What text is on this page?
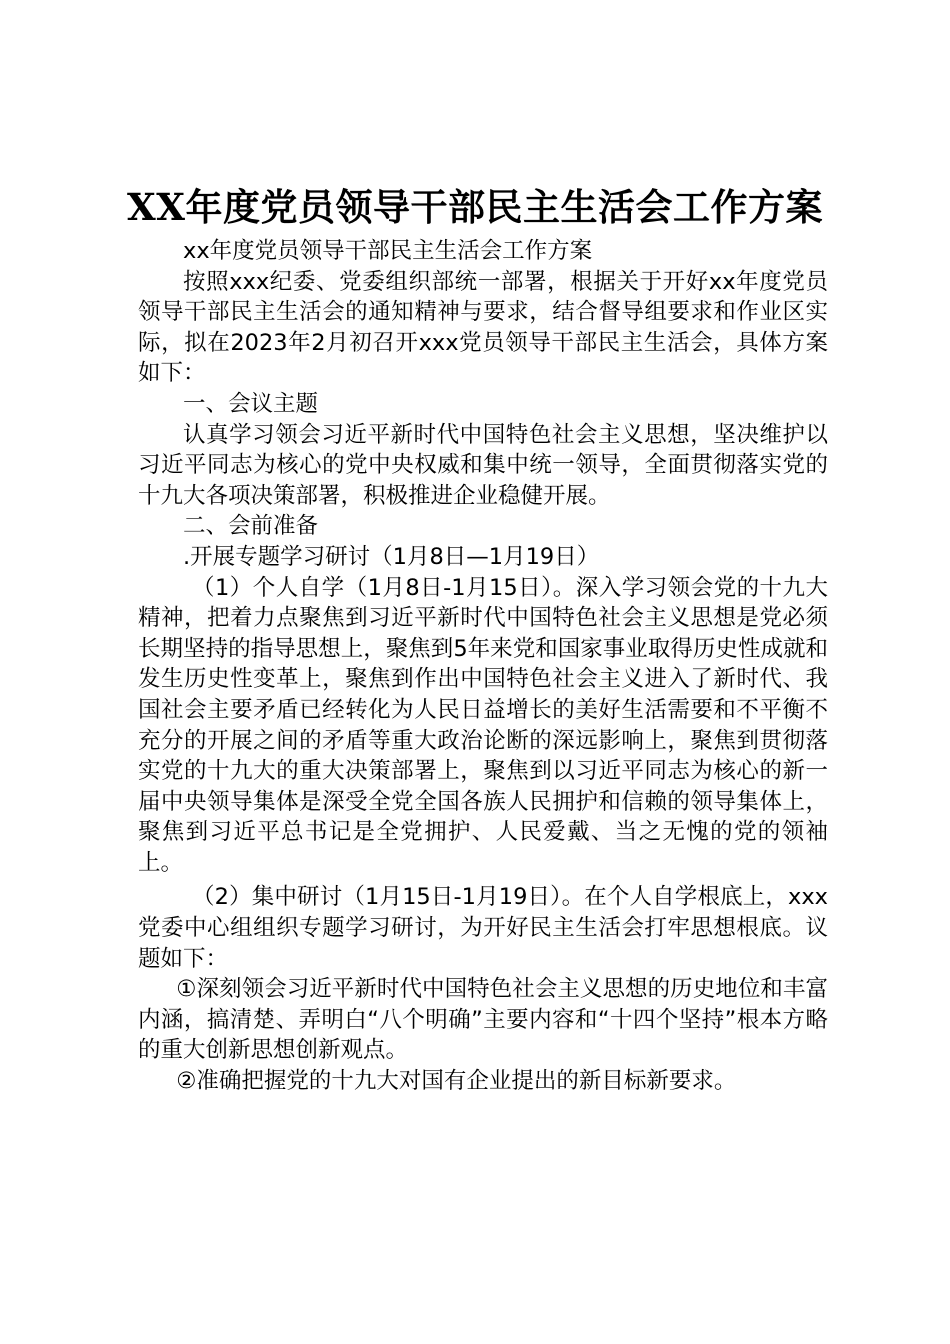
XX年度党员领导干部民主生活会工作方案

xx年度党员领导干部民主生活会工作方案

按照xxx纪委、党委组织部统一部署，根据关于开好xx年度党员领导干部民主生活会的通知精神与要求，结合督导组要求和作业区实际，拟在2023年2月初召开xxx党员领导干部民主生活会，具体方案如下：

一、会议主题

认真学习领会习近平新时代中国特色社会主义思想，坚决维护以习近平同志为核心的党中央权威和集中统一领导，全面贯彻落实党的十九大各项决策部署，积极推进企业稳健开展。

二、会前准备

.开展专题学习研讨（1月8日—1月19日）

（1）个人自学（1月8日-1月15日）。深入学习领会党的十九大精神，把着力点聚焦到习近平新时代中国特色社会主义思想是党必须长期坚持的指导思想上，聚焦到5年来党和国家事业取得历史性成就和发生历史性变革上，聚焦到作出中国特色社会主义进入了新时代、我国社会主要矛盾已经转化为人民日益增长的美好生活需要和不平衡不充分的开展之间的矛盾等重大政治论断的深远影响上，聚焦到贯彻落实党的十九大的重大决策部署上，聚焦到以习近平同志为核心的新一届中央领导集体是深受全党全国各族人民拥护和信赖的领导集体上，聚焦到习近平总书记是全党拥护、人民爱戴、当之无愧的党的领袖上。

（2）集中研讨（1月15日-1月19日）。在个人自学根底上，xxx党委中心组组织专题学习研讨，为开好民主生活会打牢思想根底。议题如下：

①深刻领会习近平新时代中国特色社会主义思想的历史地位和丰富内涵，搞清楚、弄明白“八个明确”主要内容和“十四个坚持”根本方略的重大创新思想创新观点。

②准确把握党的十九大对国有企业提出的新目标新要求。
